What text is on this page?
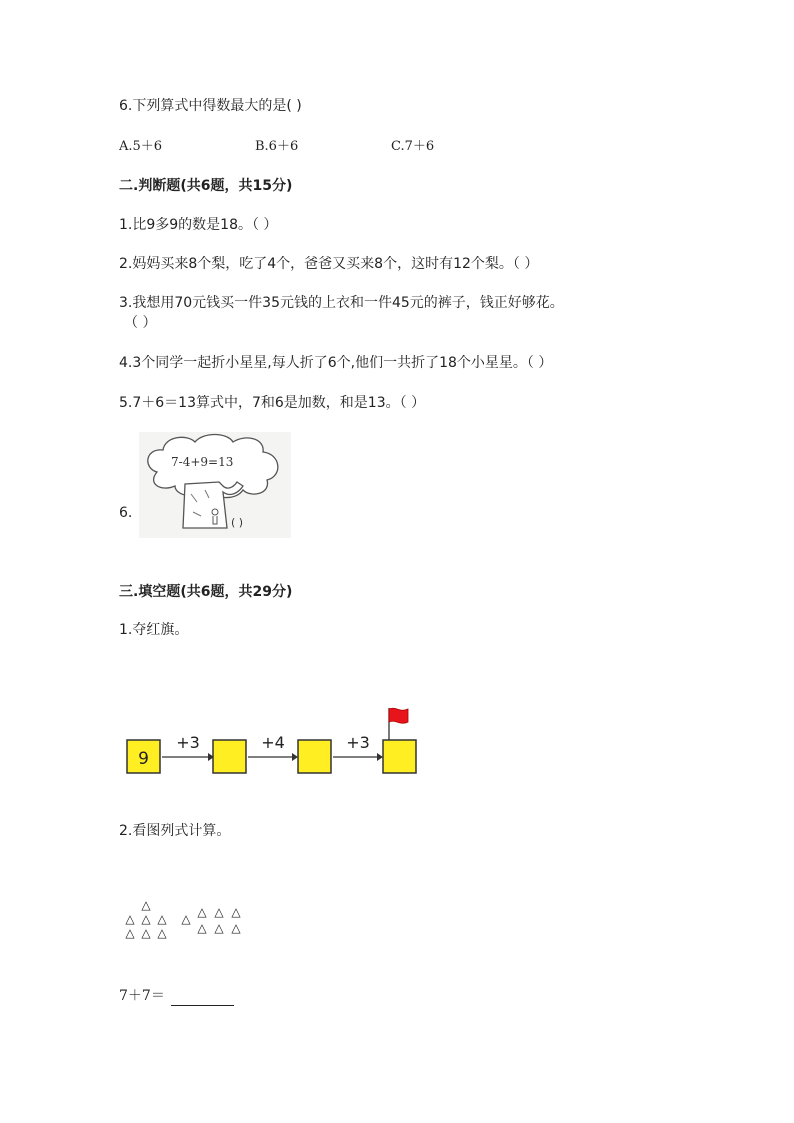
6.下列算式中得数最大的是( )
A.5＋6	B.6＋6	C.7＋6
二.判断题(共6题，共15分)
1.比9多9的数是18。（ ）
2.妈妈买来8个梨，吃了4个，爸爸又买来8个，这时有12个梨。（ ）
3.我想用70元钱买一件35元钱的上衣和一件45元的裤子，钱正好够花。
（ ）
4.3个同学一起折小星星,每人折了6个,他们一共折了18个小星星。（ ）
5.7＋6＝13算式中，7和6是加数，和是13。（ ）
6.
7-4+9=13
( )
三.填空题(共6题，共29分)
1.夺红旗。
9
+3	+4	+3
2.看图列式计算。
△
△ △ △
△ △ △
△ △ △ △
△ △ △
7＋7＝
